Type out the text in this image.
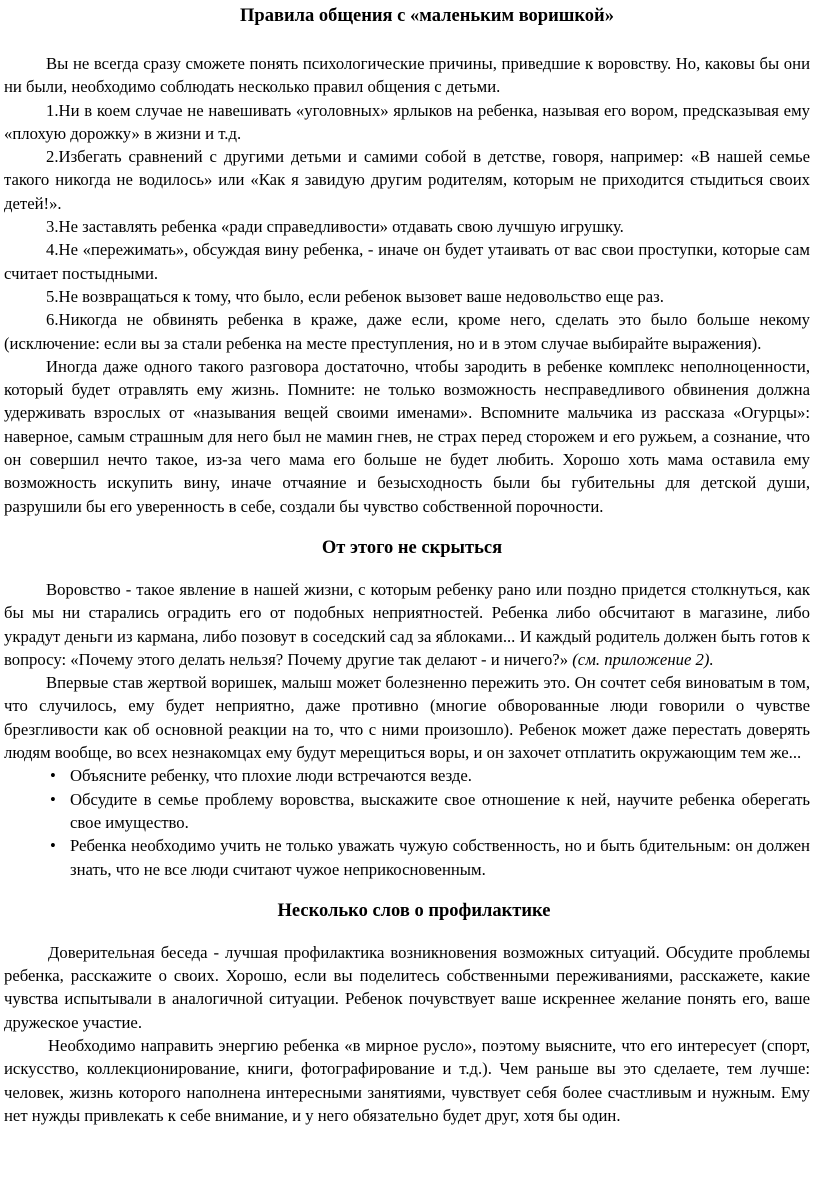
Правила общения с «маленьким воришкой»

Вы не всегда сразу сможете понять психологические причины, приведшие к воровству. Но, каковы бы они ни были, необходимо соблюдать несколько правил общения с детьми.

1.Ни в коем случае не навешивать «уголовных» ярлыков на ребенка, называя его вором, предсказывая ему «плохую дорожку» в жизни и т.д.

2.Избегать сравнений с другими детьми и самими собой в детстве, говоря, например: «В нашей семье такого никогда не водилось» или «Как я завидую другим родителям, которым не приходится стыдиться своих детей!».

3.Не заставлять ребенка «ради справедливости» отдавать свою лучшую игрушку.

4.Не «пережимать», обсуждая вину ребенка, - иначе он будет утаивать от вас свои проступки, которые сам считает постыдными.

5.Не возвращаться к тому, что было, если ребенок вызовет ваше недовольство еще раз.

6.Никогда не обвинять ребенка в краже, даже если, кроме него, сделать это было больше некому (исключение: если вы за стали ребенка на месте преступления, но и в этом случае выбирайте выражения).

Иногда даже одного такого разговора достаточно, чтобы зародить в ребенке комплекс неполноценности, который будет отравлять ему жизнь. Помните: не только возможность несправедливого обвинения должна удерживать взрослых от «называния вещей своими именами». Вспомните мальчика из рассказа «Огурцы»: наверное, самым страшным для него был не мамин гнев, не страх перед сторожем и его ружьем, а сознание, что он совершил нечто такое, из-за чего мама его больше не будет любить. Хорошо хоть мама оставила ему возможность искупить вину, иначе отчаяние и безысходность были бы губительны для детской души, разрушили бы его уверенность в себе, создали бы чувство собственной порочности.

От этого не скрыться

Воровство - такое явление в нашей жизни, с которым ребенку рано или поздно придется столкнуться, как бы мы ни старались оградить его от подобных неприятностей. Ребенка либо обсчитают в магазине, либо украдут деньги из кармана, либо позовут в соседский сад за яблоками... И каждый родитель должен быть готов к вопросу: «Почему этого делать нельзя? Почему другие так делают - и ничего?» (см. приложение 2).

Впервые став жертвой воришек, малыш может болезненно пережить это. Он сочтет себя виноватым в том, что случилось, ему будет неприятно, даже противно (многие обворованные люди говорили о чувстве брезгливости как об основной реакции на то, что с ними произошло). Ребенок может даже перестать доверять людям вообще, во всех незнакомцах ему будут мерещиться воры, и он захочет отплатить окружающим тем же...

• Объясните ребенку, что плохие люди встречаются везде.
• Обсудите в семье проблему воровства, выскажите свое отношение к ней, научите ребенка оберегать свое имущество.
• Ребенка необходимо учить не только уважать чужую собственность, но и быть бдительным: он должен знать, что не все люди считают чужое неприкосновенным.
Несколько слов о профилактике

Доверительная беседа - лучшая профилактика возникновения возможных ситуаций. Обсудите проблемы ребенка, расскажите о своих. Хорошо, если вы поделитесь собственными переживаниями, расскажете, какие чувства испытывали в аналогичной ситуации. Ребенок почувствует ваше искреннее желание понять его, ваше дружеское участие.

Необходимо направить энергию ребенка «в мирное русло», поэтому выясните, что его интересует (спорт, искусство, коллекционирование, книги, фотографирование и т.д.). Чем раньше вы это сделаете, тем лучше: человек, жизнь которого наполнена интересными занятиями, чувствует себя более счастливым и нужным. Ему нет нужды привлекать к себе внимание, и у него обязательно будет друг, хотя бы один.
